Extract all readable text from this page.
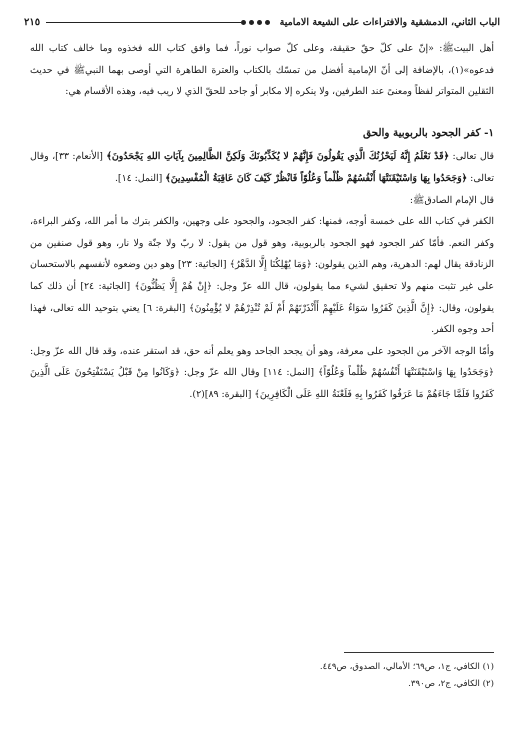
الباب الثاني، الدمشقية والافتراءات على الشيعة الامامية
٢١٥

أهل البيتﷺ: «إنّ على كلّ حقّ حقيقة، وعلى كلّ صواب نوراً، فما وافق كتاب الله فخذوه وما خالف كتاب الله فدعوه»(١)، بالإضافة إلى أنّ الإمامية أفضل من تمسّك بالكتاب والعترة الطاهرة التي أوصى بهما النبيﷺ في حديث الثقلين المتواتر لفظاً ومعنىً عند الطرفين، ولا ينكره إلا مكابر أو جاحد للحقّ الذي لا ريب فيه، وهذه الأقسام هي:

١- كفر الجحود بالربوبية والحق

قال تعالى: ﴿قَدْ نَعْلَمُ إِنَّهُ لَيَحْزُنُكَ الَّذِي يَقُولُونَ فَإِنَّهُمْ لا يُكَذِّبُونَكَ وَلَكِنَّ الظَّالِمِينَ بِآيَاتِ اللهِ يَجْحَدُونَ﴾ [الأنعام: ٣٣]، وقال تعالى: ﴿وَجَحَدُوا بِهَا وَاسْتَيْقَنَتْهَا أَنْفُسُهُمْ ظُلْماً وَعُلُوّاً فَانْظُرْ كَيْفَ كَانَ عَاقِبَةُ الْمُفْسِدِينَ﴾ [النمل: ١٤].

قال الإمام الصادقﷺ:

الكفر في كتاب الله على خمسة أوجه، فمنها: كفر الجحود، والجحود على وجهين، والكفر بترك ما أمر الله، وكفر البراءة، وكفر النعم. فأمّا كفر الجحود فهو الجحود بالربوبية، وهو قول من يقول: لا ربّ ولا جنّة ولا نار، وهو قول صنفين من الزنادقة يقال لهم: الدهرية، وهم الذين يقولون: ﴿وَمَا يُهْلِكُنَا إِلَّا الدَّهْرُ﴾ [الجاثية: ٢٣] وهو دين وضعوه لأنفسهم بالاستحسان على غير تثبت منهم ولا تحقيق لشيء مما يقولون، قال الله عزّ وجل: ﴿إِنْ هُمْ إِلَّا يَظُنُّونَ﴾ [الجاثية: ٢٤] أن ذلك كما يقولون، وقال: ﴿إِنَّ الَّذِينَ كَفَرُوا سَوَاءٌ عَلَيْهِمْ أَأَنْذَرْتَهُمْ أَمْ لَمْ تُنْذِرْهُمْ لا يُؤْمِنُونَ﴾ [البقرة: ٦] يعني بتوحيد الله تعالى، فهذا أحد وجوه الكفر.

وأمّا الوجه الآخر من الجحود على معرفة، وهو أن يجحد الجاحد وهو يعلم أنه حق، قد استقر عنده، وقد قال الله عزّ وجل: ﴿وَجَحَدُوا بِهَا وَاسْتَيْقَنَتْهَا أَنْفُسُهُمْ ظُلْماً وَعُلُوّاً﴾ [النمل: ١١٤] وقال الله عزّ وجل: ﴿وَكَانُوا مِنْ قَبْلُ يَسْتَفْتِحُونَ عَلَى الَّذِينَ كَفَرُوا فَلَمَّا جَاءَهُمْ مَا عَرَفُوا كَفَرُوا بِهِ فَلَعْنَةُ اللهِ عَلَى الْكَافِرِينَ﴾ [البقرة: ٨٩](٢).

(١) الكافي، ج١، ص٦٩؛ الأمالي، الصدوق، ص٤٤٩.

(٢) الكافي، ج٢، ص٣٩٠.
